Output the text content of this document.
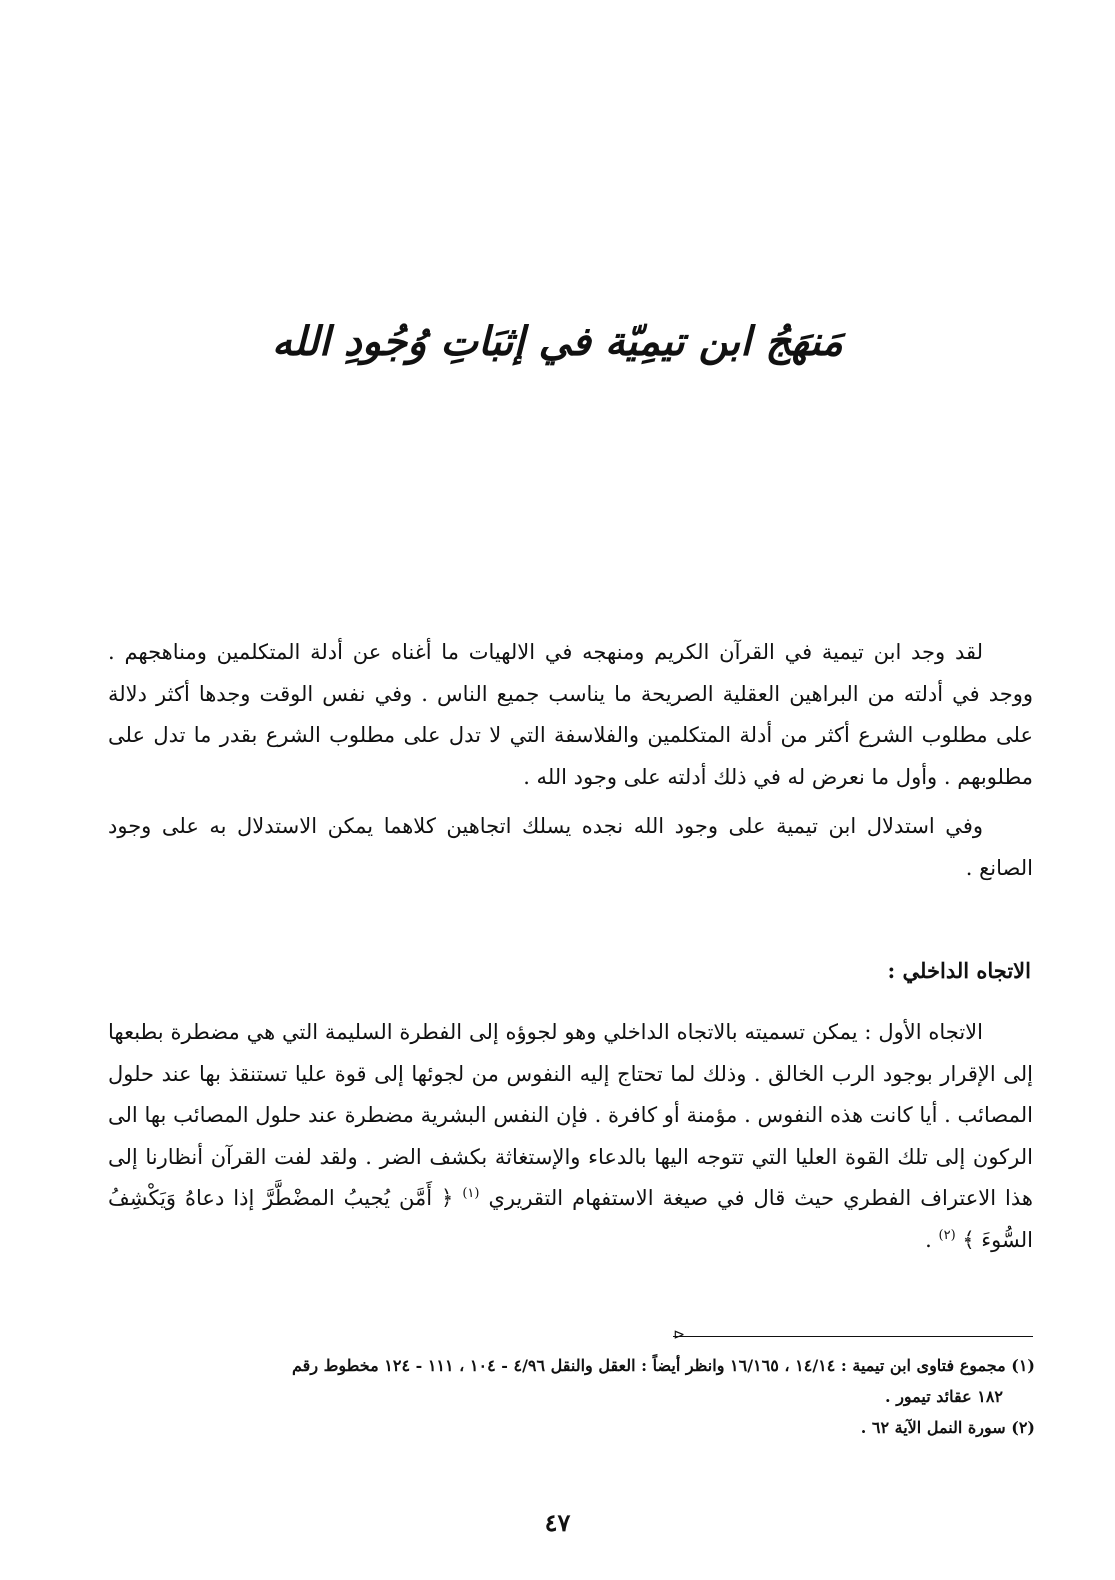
مَنهَجُ ابن تيمِيّة في إثبَاتِ وُجُودِ الله

لقد وجد ابن تيمية في القرآن الكريم ومنهجه في الالهيات ما أغناه عن أدلة المتكلمين ومناهجهم . ووجد في أدلته من البراهين العقلية الصريحة ما يناسب جميع الناس . وفي نفس الوقت وجدها أكثر دلالة على مطلوب الشرع أكثر من أدلة المتكلمين والفلاسفة التي لا تدل على مطلوب الشرع بقدر ما تدل على مطلوبهم . وأول ما نعرض له في ذلك أدلته على وجود الله .

وفي استدلال ابن تيمية على وجود الله نجده يسلك اتجاهين كلاهما يمكن الاستدلال به على وجود الصانع .

الاتجاه الداخلي :

الاتجاه الأول : يمكن تسميته بالاتجاه الداخلي وهو لجوؤه إلى الفطرة السليمة التي هي مضطرة بطبعها إلى الإقرار بوجود الرب الخالق . وذلك لما تحتاج إليه النفوس من لجوئها إلى قوة عليا تستنقذ بها عند حلول المصائب . أيا كانت هذه النفوس . مؤمنة أو كافرة . فإن النفس البشرية مضطرة عند حلول المصائب بها الى الركون إلى تلك القوة العليا التي تتوجه اليها بالدعاء والإستغاثة بكشف الضر . ولقد لفت القرآن أنظارنا إلى هذا الاعتراف الفطري حيث قال في صيغة الاستفهام التقريري $^{(١)}$ ﴿ أَمَّن يُجيبُ المضْطَّرَّ إذا دعاهُ وَيَكْشِفُ السُّوءَ ﴾ $^{(٢)}$ .

⊲

(١) مجموع فتاوى ابن تيمية : ١٤/١٤ ، ١٦/١٦٥ وانظر أيضاً : العقل والنقل ٤/٩٦ - ١٠٤ ، ١١١ - ١٢٤ مخطوط رقم

١٨٢ عقائد تيمور .

(٢) سورة النمل الآية ٦٢ .

٤٧
